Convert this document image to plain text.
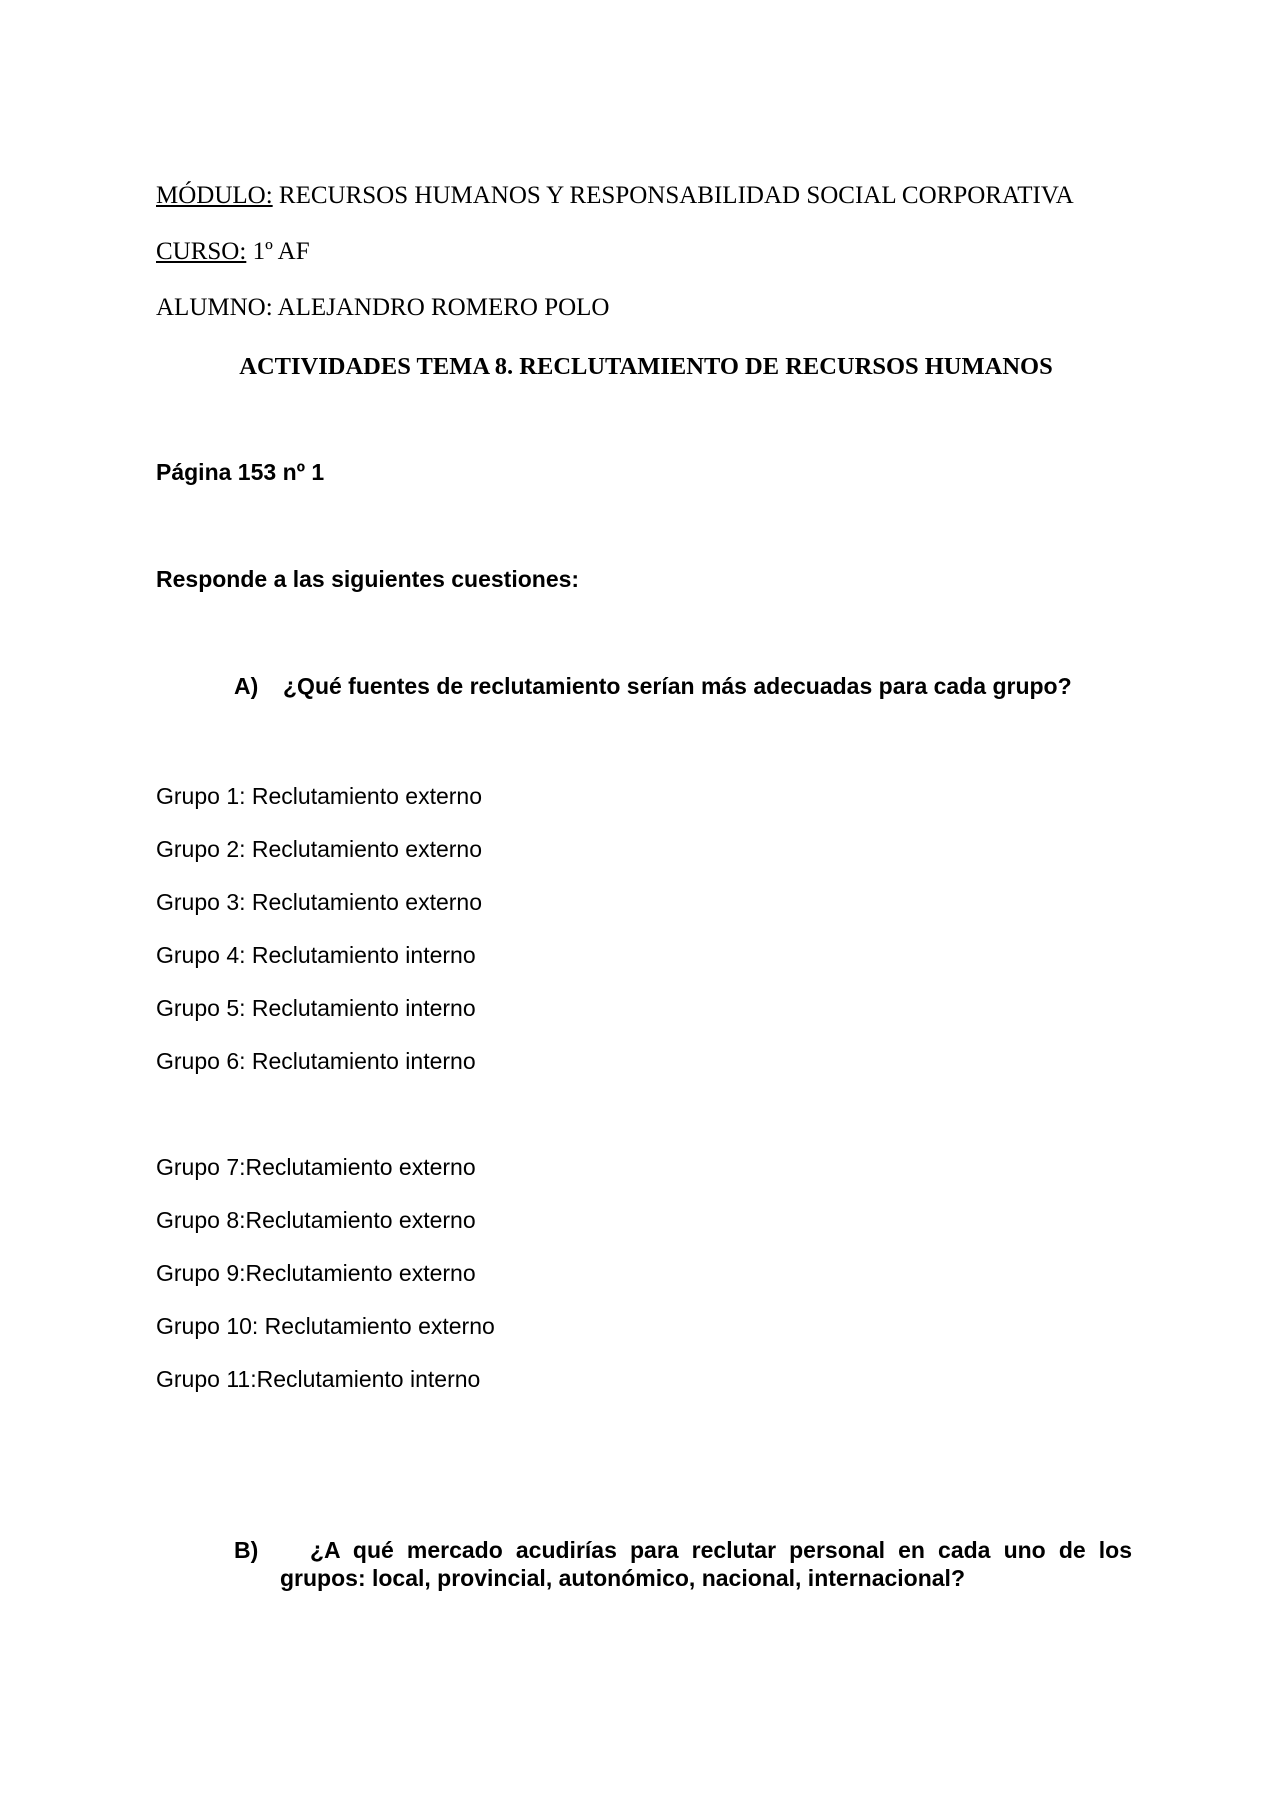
MÓDULO: RECURSOS HUMANOS Y RESPONSABILIDAD SOCIAL CORPORATIVA
CURSO: 1º AF
ALUMNO: ALEJANDRO ROMERO POLO
ACTIVIDADES TEMA 8. RECLUTAMIENTO DE RECURSOS HUMANOS
Página 153 nº 1
Responde a las siguientes cuestiones:
A) ¿Qué fuentes de reclutamiento serían más adecuadas para cada grupo?
Grupo 1: Reclutamiento externo
Grupo 2: Reclutamiento externo
Grupo 3: Reclutamiento externo
Grupo 4: Reclutamiento interno
Grupo 5: Reclutamiento interno
Grupo 6: Reclutamiento interno
Grupo 7:Reclutamiento externo
Grupo 8:Reclutamiento externo
Grupo 9:Reclutamiento externo
Grupo 10: Reclutamiento externo
Grupo 11:Reclutamiento interno
B)	¿A qué mercado acudirías para reclutar personal en cada uno de los
grupos: local, provincial, autonómico, nacional, internacional?
